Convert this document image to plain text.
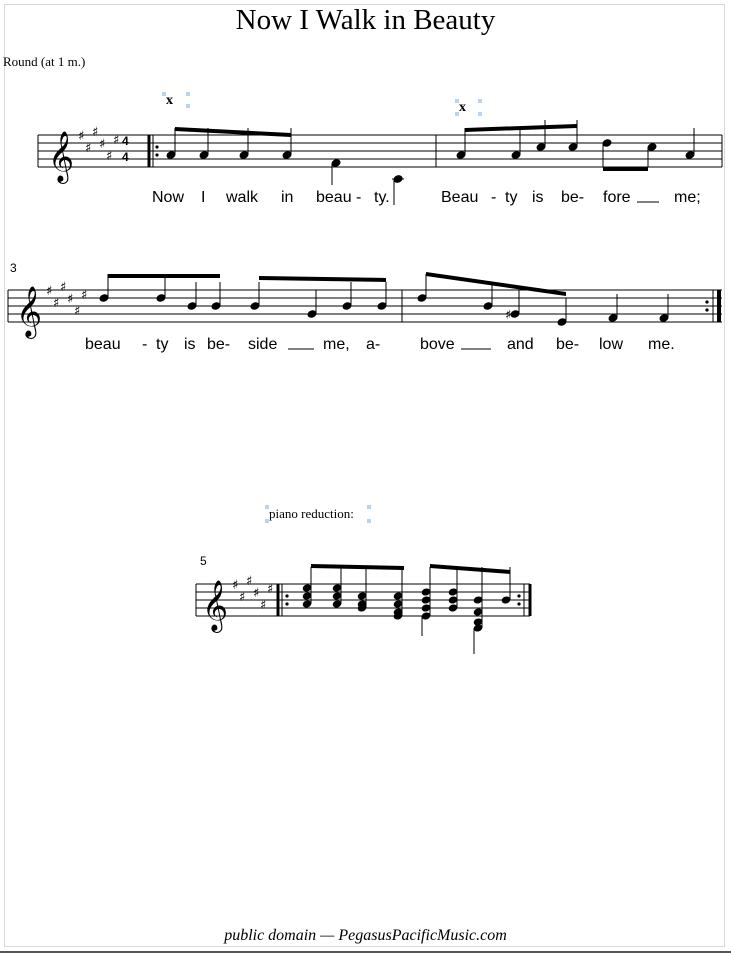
Now I Walk in Beauty
Round (at 1 m.)
public domain — PegasusPacificMusic.com
𝄞 ♯
♯
♯
♯
♯
♯
𝄞 ♯
♯
♯
♯
♯
♯
♯
𝄞 ♯
♯
♯
♯
♯
♯
x	x
piano reduction:
3
5
4
4
Now I walk in beau - ty.	Beau - ty is be- fore	me;
beau - ty is be- side	me, a- bove	and be- low me.
